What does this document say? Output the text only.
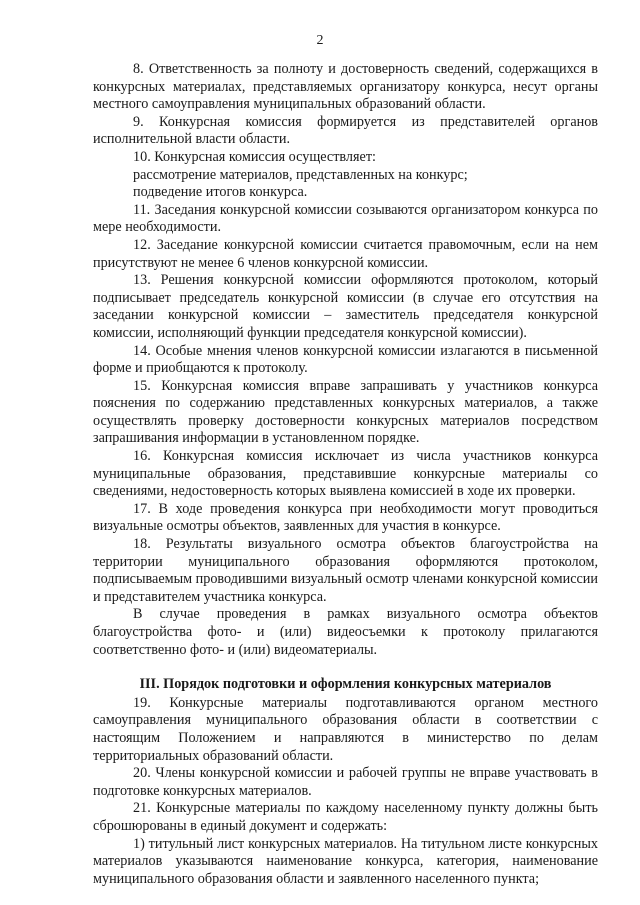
2

8. Ответственность за полноту и достоверность сведений, содержащихся в конкурсных материалах, представляемых организатору конкурса, несут органы местного самоуправления муниципальных образований области.

9. Конкурсная комиссия формируется из представителей органов исполнительной власти области.

10. Конкурсная комиссия осуществляет:

рассмотрение материалов, представленных на конкурс;

подведение итогов конкурса.

11. Заседания конкурсной комиссии созываются организатором конкурса по мере необходимости.

12. Заседание конкурсной комиссии считается правомочным, если на нем присутствуют не менее 6 членов конкурсной комиссии.

13. Решения конкурсной комиссии оформляются протоколом, который подписывает председатель конкурсной комиссии (в случае его отсутствия на заседании конкурсной комиссии – заместитель председателя конкурсной комиссии, исполняющий функции председателя конкурсной комиссии).

14. Особые мнения членов конкурсной комиссии излагаются в письменной форме и приобщаются к протоколу.

15. Конкурсная комиссия вправе запрашивать у участников конкурса пояснения по содержанию представленных конкурсных материалов, а также осуществлять проверку достоверности конкурсных материалов посредством запрашивания информации в установленном порядке.

16. Конкурсная комиссия исключает из числа участников конкурса муниципальные образования, представившие конкурсные материалы со сведениями, недостоверность которых выявлена комиссией в ходе их проверки.

17. В ходе проведения конкурса при необходимости могут проводиться визуальные осмотры объектов, заявленных для участия в конкурсе.

18. Результаты визуального осмотра объектов благоустройства на территории муниципального образования оформляются протоколом, подписываемым проводившими визуальный осмотр членами конкурсной комиссии и представителем участника конкурса.

В случае проведения в рамках визуального осмотра объектов благоустройства фото- и (или) видеосъемки к протоколу прилагаются соответственно фото- и (или) видеоматериалы.

III. Порядок подготовки и оформления конкурсных материалов

19. Конкурсные материалы подготавливаются органом местного самоуправления муниципального образования области в соответствии с настоящим Положением и направляются в министерство по делам территориальных образований области.

20. Члены конкурсной комиссии и рабочей группы не вправе участвовать в подготовке конкурсных материалов.

21. Конкурсные материалы по каждому населенному пункту должны быть сброшюрованы в единый документ и содержать:

1) титульный лист конкурсных материалов. На титульном листе конкурсных материалов указываются наименование конкурса, категория, наименование муниципального образования области и заявленного населенного пункта;
